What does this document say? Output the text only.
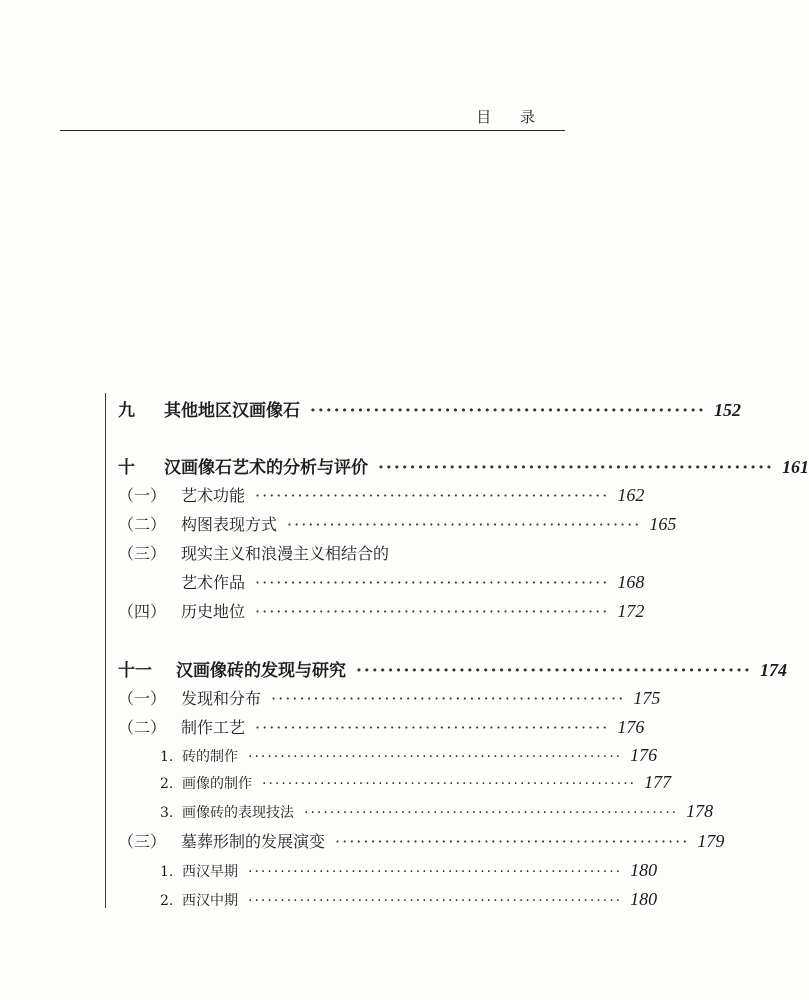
目 录
九	其他地区汉画像石 ·················································· 152
十	汉画像石艺术的分析与评价 ·················································· 161
（一） 艺术功能 ·················································· 162
（二） 构图表现方式 ·················································· 165
（三） 现实主义和浪漫主义相结合的
艺术作品 ·················································· 168
（四） 历史地位 ·················································· 172
十一	汉画像砖的发现与研究 ·················································· 174
（一） 发现和分布 ·················································· 175
（二） 制作工艺 ·················································· 176
1. 砖的制作 ·························································· 176
2. 画像的制作 ·························································· 177
3. 画像砖的表现技法 ·························································· 178
（三） 墓葬形制的发展演变 ·················································· 179
1. 西汉早期 ·························································· 180
2. 西汉中期 ·························································· 180
